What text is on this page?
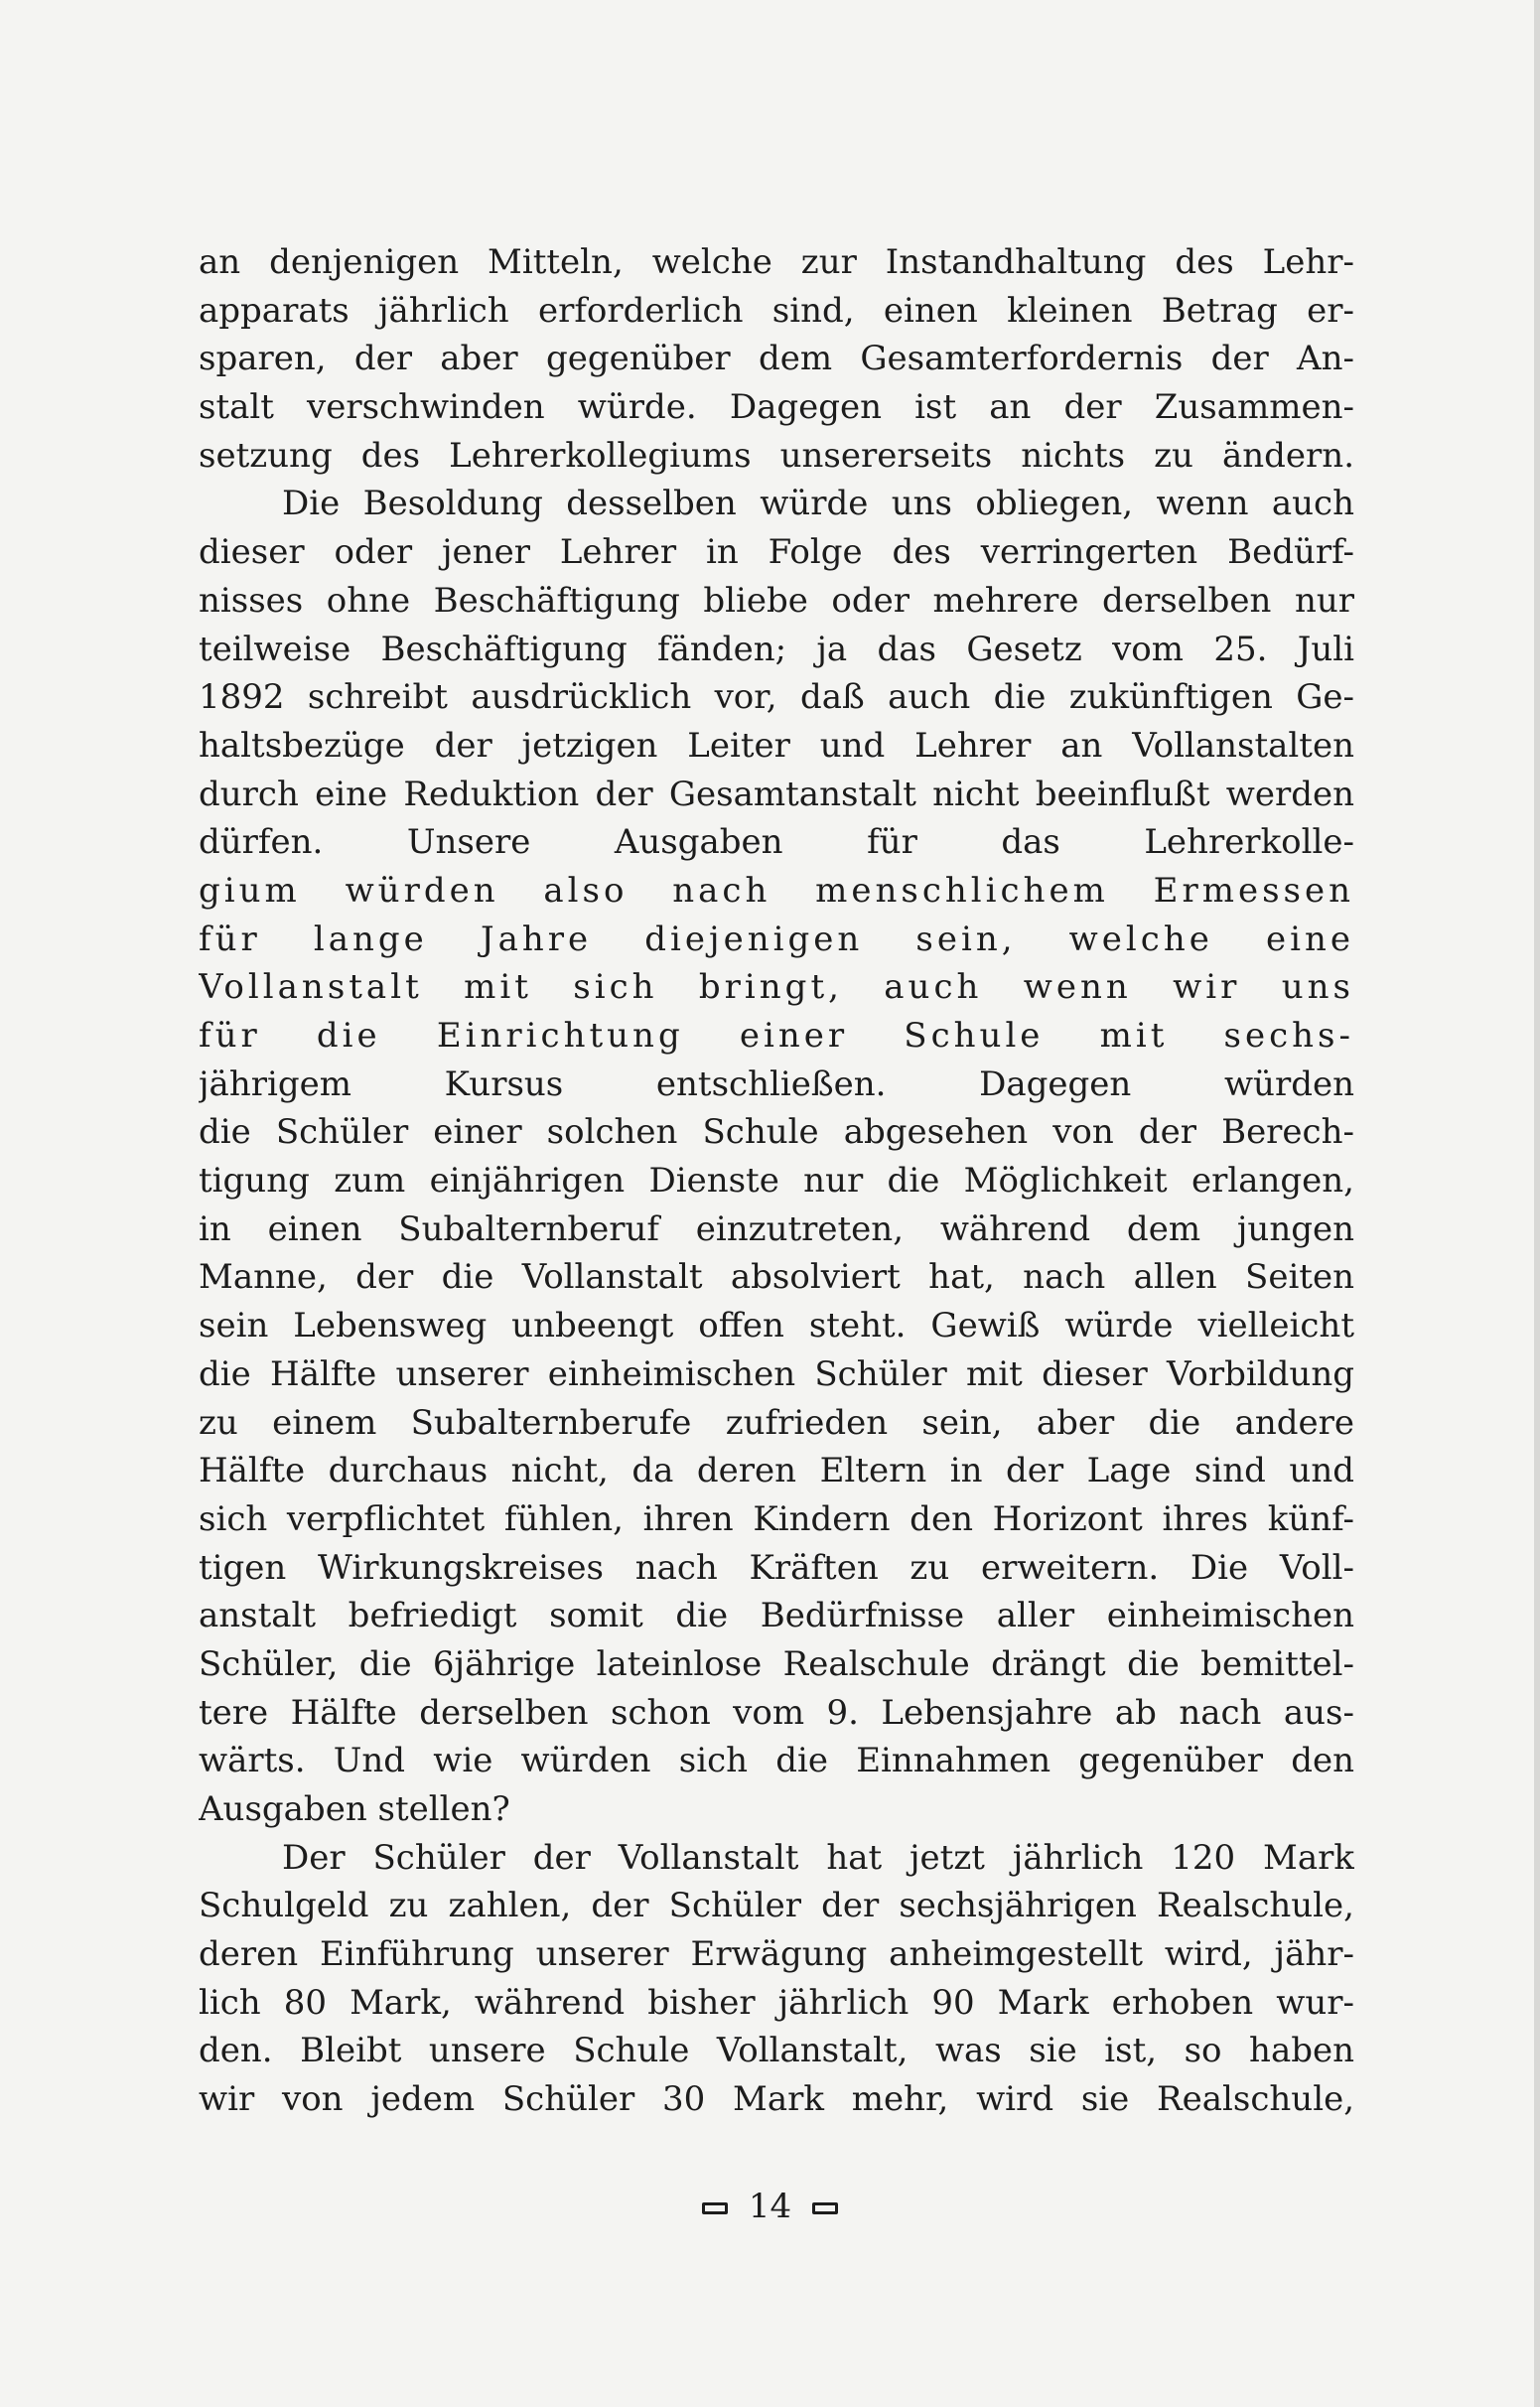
an denjenigen Mitteln, welche zur Instandhaltung des Lehr-
apparats jährlich erforderlich sind, einen kleinen Betrag er-
sparen, der aber gegenüber dem Gesamterfordernis der An-
stalt verschwinden würde. Dagegen ist an der Zusammen-
setzung des Lehrerkollegiums unsererseits nichts zu ändern.
Die Besoldung desselben würde uns obliegen, wenn auch
dieser oder jener Lehrer in Folge des verringerten Bedürf-
nisses ohne Beschäftigung bliebe oder mehrere derselben nur
teilweise Beschäftigung fänden; ja das Gesetz vom 25. Juli
1892 schreibt ausdrücklich vor, daß auch die zukünftigen Ge-
haltsbezüge der jetzigen Leiter und Lehrer an Vollanstalten
durch eine Reduktion der Gesamtanstalt nicht beeinflußt werden
dürfen. Unsere Ausgaben für das Lehrerkolle-
gium würden also nach menschlichem Ermessen
für lange Jahre diejenigen sein, welche eine
Vollanstalt mit sich bringt, auch wenn wir uns
für die Einrichtung einer Schule mit sechs-
jährigem Kursus entschließen. Dagegen würden
die Schüler einer solchen Schule abgesehen von der Berech-
tigung zum einjährigen Dienste nur die Möglichkeit erlangen,
in einen Subalternberuf einzutreten, während dem jungen
Manne, der die Vollanstalt absolviert hat, nach allen Seiten
sein Lebensweg unbeengt offen steht. Gewiß würde vielleicht
die Hälfte unserer einheimischen Schüler mit dieser Vorbildung
zu einem Subalternberufe zufrieden sein, aber die andere
Hälfte durchaus nicht, da deren Eltern in der Lage sind und
sich verpflichtet fühlen, ihren Kindern den Horizont ihres künf-
tigen Wirkungskreises nach Kräften zu erweitern. Die Voll-
anstalt befriedigt somit die Bedürfnisse aller einheimischen
Schüler, die 6jährige lateinlose Realschule drängt die bemittel-
tere Hälfte derselben schon vom 9. Lebensjahre ab nach aus-
wärts. Und wie würden sich die Einnahmen gegenüber den
Ausgaben stellen?
Der Schüler der Vollanstalt hat jetzt jährlich 120 Mark
Schulgeld zu zahlen, der Schüler der sechsjährigen Realschule,
deren Einführung unserer Erwägung anheimgestellt wird, jähr-
lich 80 Mark, während bisher jährlich 90 Mark erhoben wur-
den. Bleibt unsere Schule Vollanstalt, was sie ist, so haben
wir von jedem Schüler 30 Mark mehr, wird sie Realschule,
14
